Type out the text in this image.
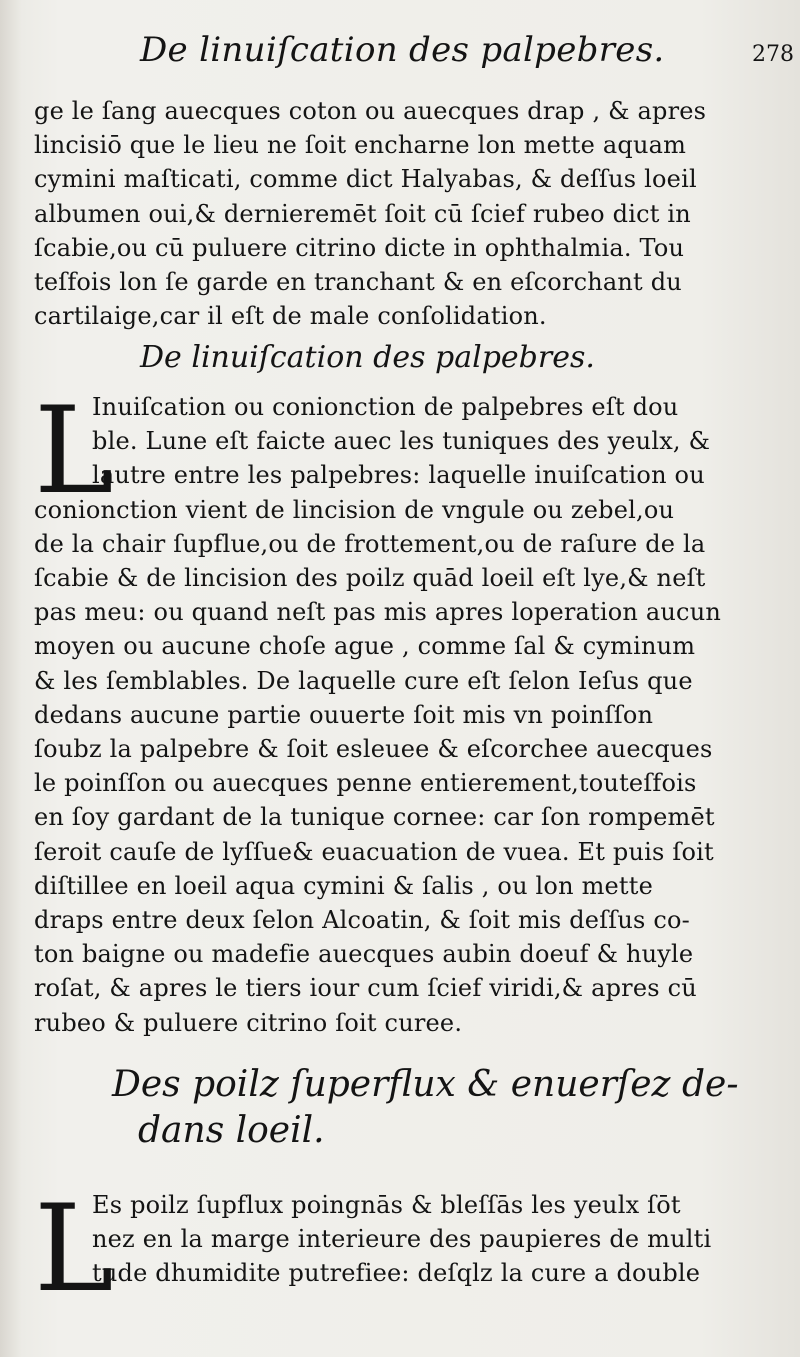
De linuiſcation des palpebres.	278
ge le ſang auecques coton ou auecques drap , & apres
lincisiō que le lieu ne ſoit encharne lon mette aquam
cymini maſticati, comme dict Halyabas, & deſſus loeil
albumen oui,& dernieremēt ſoit cū ſcief rubeo dict in
ſcabie,ou cū puluere citrino dicte in ophthalmia. Tou
teſfois lon ſe garde en tranchant & en eſcorchant du
cartilaige,car il eſt de male conſolidation.
De linuiſcation des palpebres.
L
Inuiſcation ou conionction de palpebres eſt dou
ble. Lune eſt faicte auec les tuniques des yeulx, &
lautre entre les palpebres: laquelle inuiſcation ou
conionction vient de lincision de vngule ou zebel,ou
de la chair ſupflue,ou de frottement,ou de raſure de la
ſcabie & de lincision des poilz quād loeil eſt lye,& neſt
pas meu: ou quand neſt pas mis apres loperation aucun
moyen ou aucune choſe ague , comme ſal & cyminum
& les ſemblables. De laquelle cure eſt ſelon Ieſus que
dedans aucune partie ouuerte ſoit mis vn poinſſon
ſoubz la palpebre & ſoit esleuee & eſcorchee auecques
le poinſſon ou auecques penne entierement,touteſfois
en ſoy gardant de la tunique cornee: car ſon rompemēt
ſeroit cauſe de lyſſue& euacuation de vuea. Et puis ſoit
diſtillee en loeil aqua cymini & ſalis , ou lon mette
draps entre deux ſelon Alcoatin, & ſoit mis deſſus co-
ton baigne ou madefie auecques aubin doeuf & huyle
roſat, & apres le tiers iour cum ſcief viridi,& apres cū
rubeo & puluere citrino ſoit curee.
Des poilz ſuperflux & enuerſez de-
dans loeil.
L
Es poilz ſupflux poingnās & bleſſās les yeulx ſōt
nez en la marge interieure des paupieres de multi
tude dhumidite putrefiee: deſqlz la cure a double
